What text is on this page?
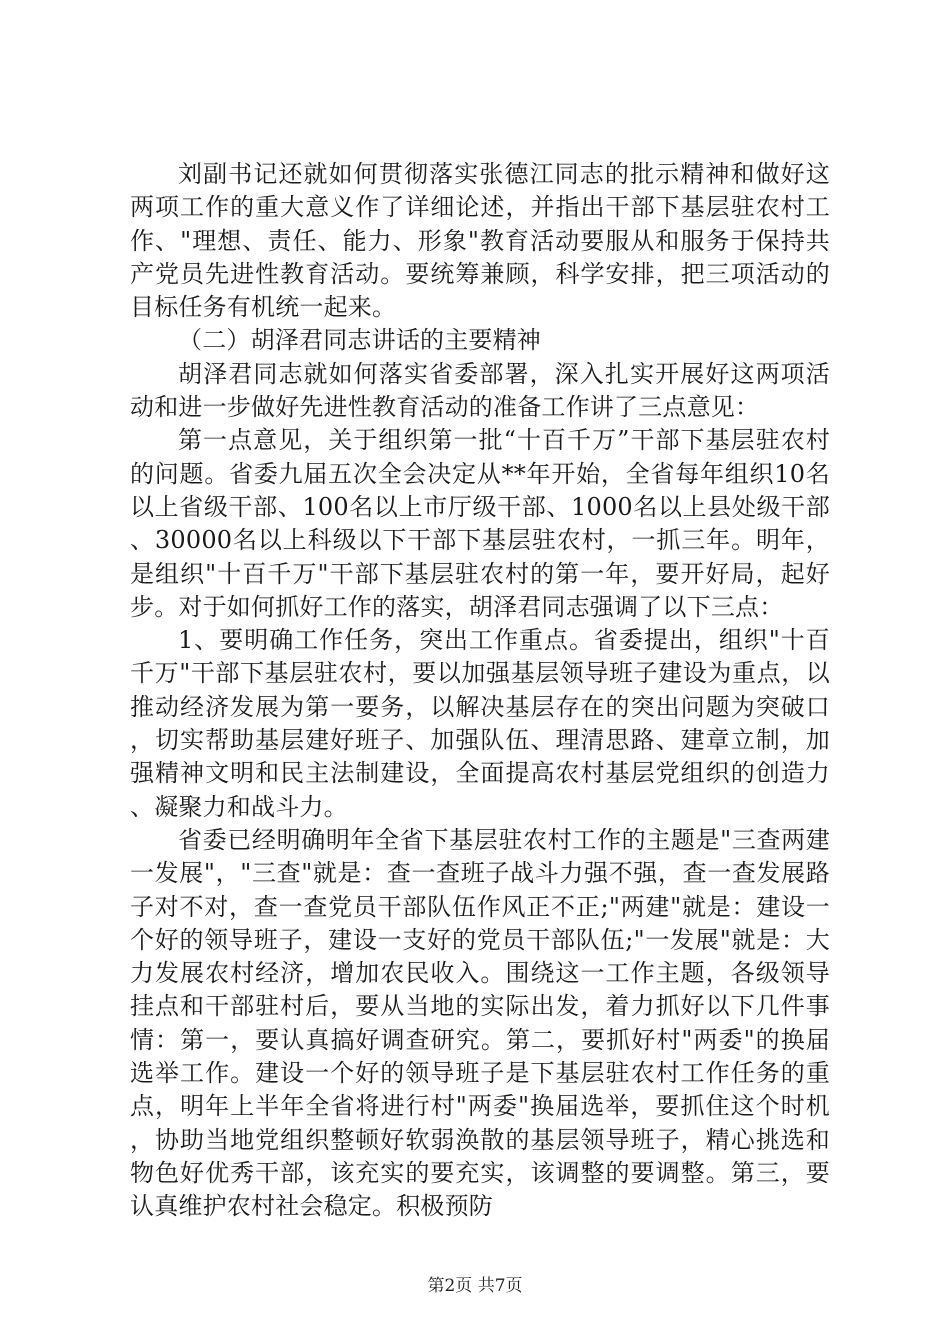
刘副书记还就如何贯彻落实张德江同志的批示精神和做好这两项工作的重大意义作了详细论述，并指出干部下基层驻农村工作、"理想、责任、能力、形象"教育活动要服从和服务于保持共产党员先进性教育活动。要统筹兼顾，科学安排，把三项活动的目标任务有机统一起来。

（二）胡泽君同志讲话的主要精神

胡泽君同志就如何落实省委部署，深入扎实开展好这两项活动和进一步做好先进性教育活动的准备工作讲了三点意见：

第一点意见，关于组织第一批“十百千万”干部下基层驻农村的问题。省委九届五次全会决定从**年开始，全省每年组织10名以上省级干部、100名以上市厅级干部、1000名以上县处级干部、30000名以上科级以下干部下基层驻农村，一抓三年。明年，是组织"十百千万"干部下基层驻农村的第一年，要开好局，起好步。对于如何抓好工作的落实，胡泽君同志强调了以下三点：

1、要明确工作任务，突出工作重点。省委提出，组织"十百千万"干部下基层驻农村，要以加强基层领导班子建设为重点，以推动经济发展为第一要务，以解决基层存在的突出问题为突破口，切实帮助基层建好班子、加强队伍、理清思路、建章立制，加强精神文明和民主法制建设，全面提高农村基层党组织的创造力、凝聚力和战斗力。

省委已经明确明年全省下基层驻农村工作的主题是"三查两建一发展"，"三查"就是：查一查班子战斗力强不强，查一查发展路子对不对，查一查党员干部队伍作风正不正;"两建"就是：建设一个好的领导班子，建设一支好的党员干部队伍;"一发展"就是：大力发展农村经济，增加农民收入。围绕这一工作主题，各级领导挂点和干部驻村后，要从当地的实际出发，着力抓好以下几件事情：第一，要认真搞好调查研究。第二，要抓好村"两委"的换届选举工作。建设一个好的领导班子是下基层驻农村工作任务的重点，明年上半年全省将进行村"两委"换届选举，要抓住这个时机，协助当地党组织整顿好软弱涣散的基层领导班子，精心挑选和物色好优秀干部，该充实的要充实，该调整的要调整。第三，要认真维护农村社会稳定。积极预防

第2页 共7页
